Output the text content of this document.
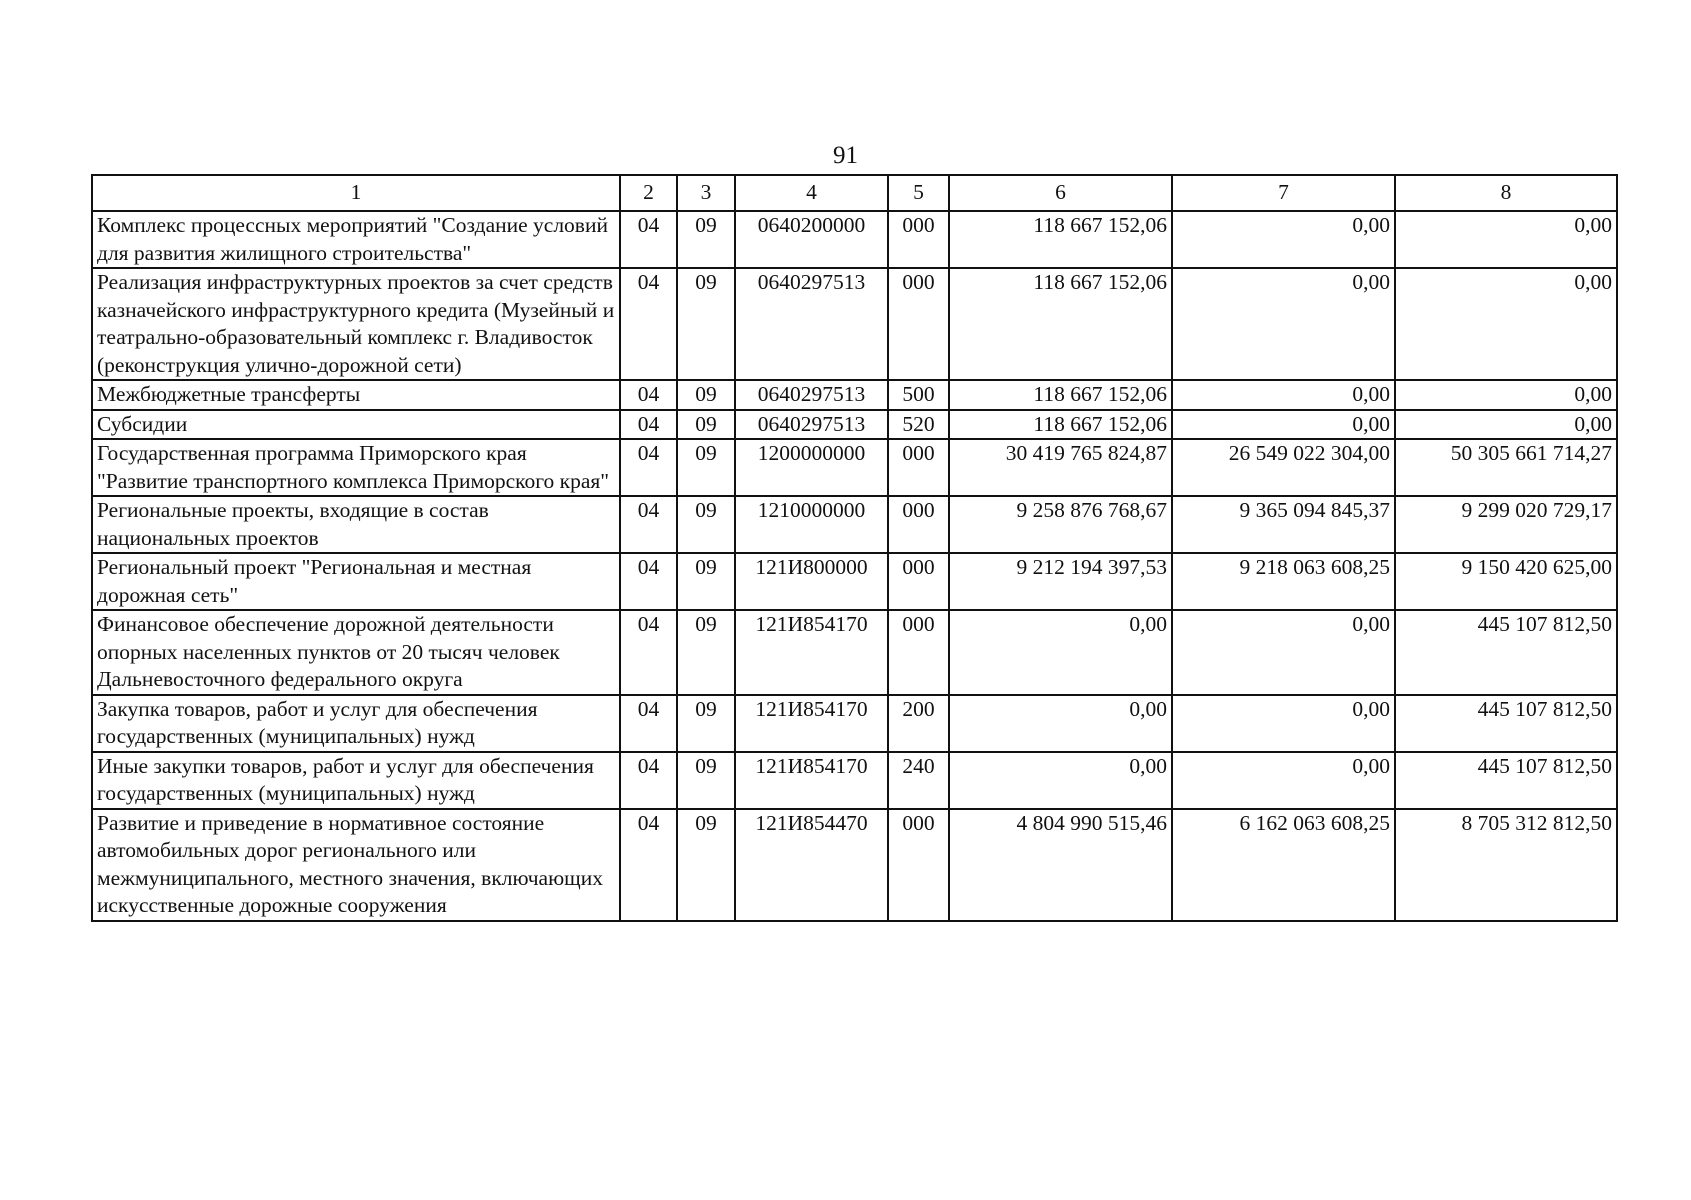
91
1	2	3	4	5	6	7	8
Комплекс процессных мероприятий "Создание условий для развития жилищного строительства"	04	09	0640200000	000	118 667 152,06	0,00	0,00
Реализация инфраструктурных проектов за счет средств казначейского инфраструктурного кредита (Музейный и театрально-образовательный комплекс г. Владивосток (реконструкция улично-дорожной сети)	04	09	0640297513	000	118 667 152,06	0,00	0,00
Межбюджетные трансферты	04	09	0640297513	500	118 667 152,06	0,00	0,00
Субсидии	04	09	0640297513	520	118 667 152,06	0,00	0,00
Государственная программа Приморского края "Развитие транспортного комплекса Приморского края"	04	09	1200000000	000	30 419 765 824,87	26 549 022 304,00	50 305 661 714,27
Региональные проекты, входящие в состав национальных проектов	04	09	1210000000	000	9 258 876 768,67	9 365 094 845,37	9 299 020 729,17
Региональный проект "Региональная и местная дорожная сеть"	04	09	121И800000	000	9 212 194 397,53	9 218 063 608,25	9 150 420 625,00
Финансовое обеспечение дорожной деятельности опорных населенных пунктов от 20 тысяч человек Дальневосточного федерального округа	04	09	121И854170	000	0,00	0,00	445 107 812,50
Закупка товаров, работ и услуг для обеспечения государственных (муниципальных) нужд	04	09	121И854170	200	0,00	0,00	445 107 812,50
Иные закупки товаров, работ и услуг для обеспечения государственных (муниципальных) нужд	04	09	121И854170	240	0,00	0,00	445 107 812,50
Развитие и приведение в нормативное состояние автомобильных дорог регионального или межмуниципального, местного значения, включающих искусственные дорожные сооружения	04	09	121И854470	000	4 804 990 515,46	6 162 063 608,25	8 705 312 812,50
